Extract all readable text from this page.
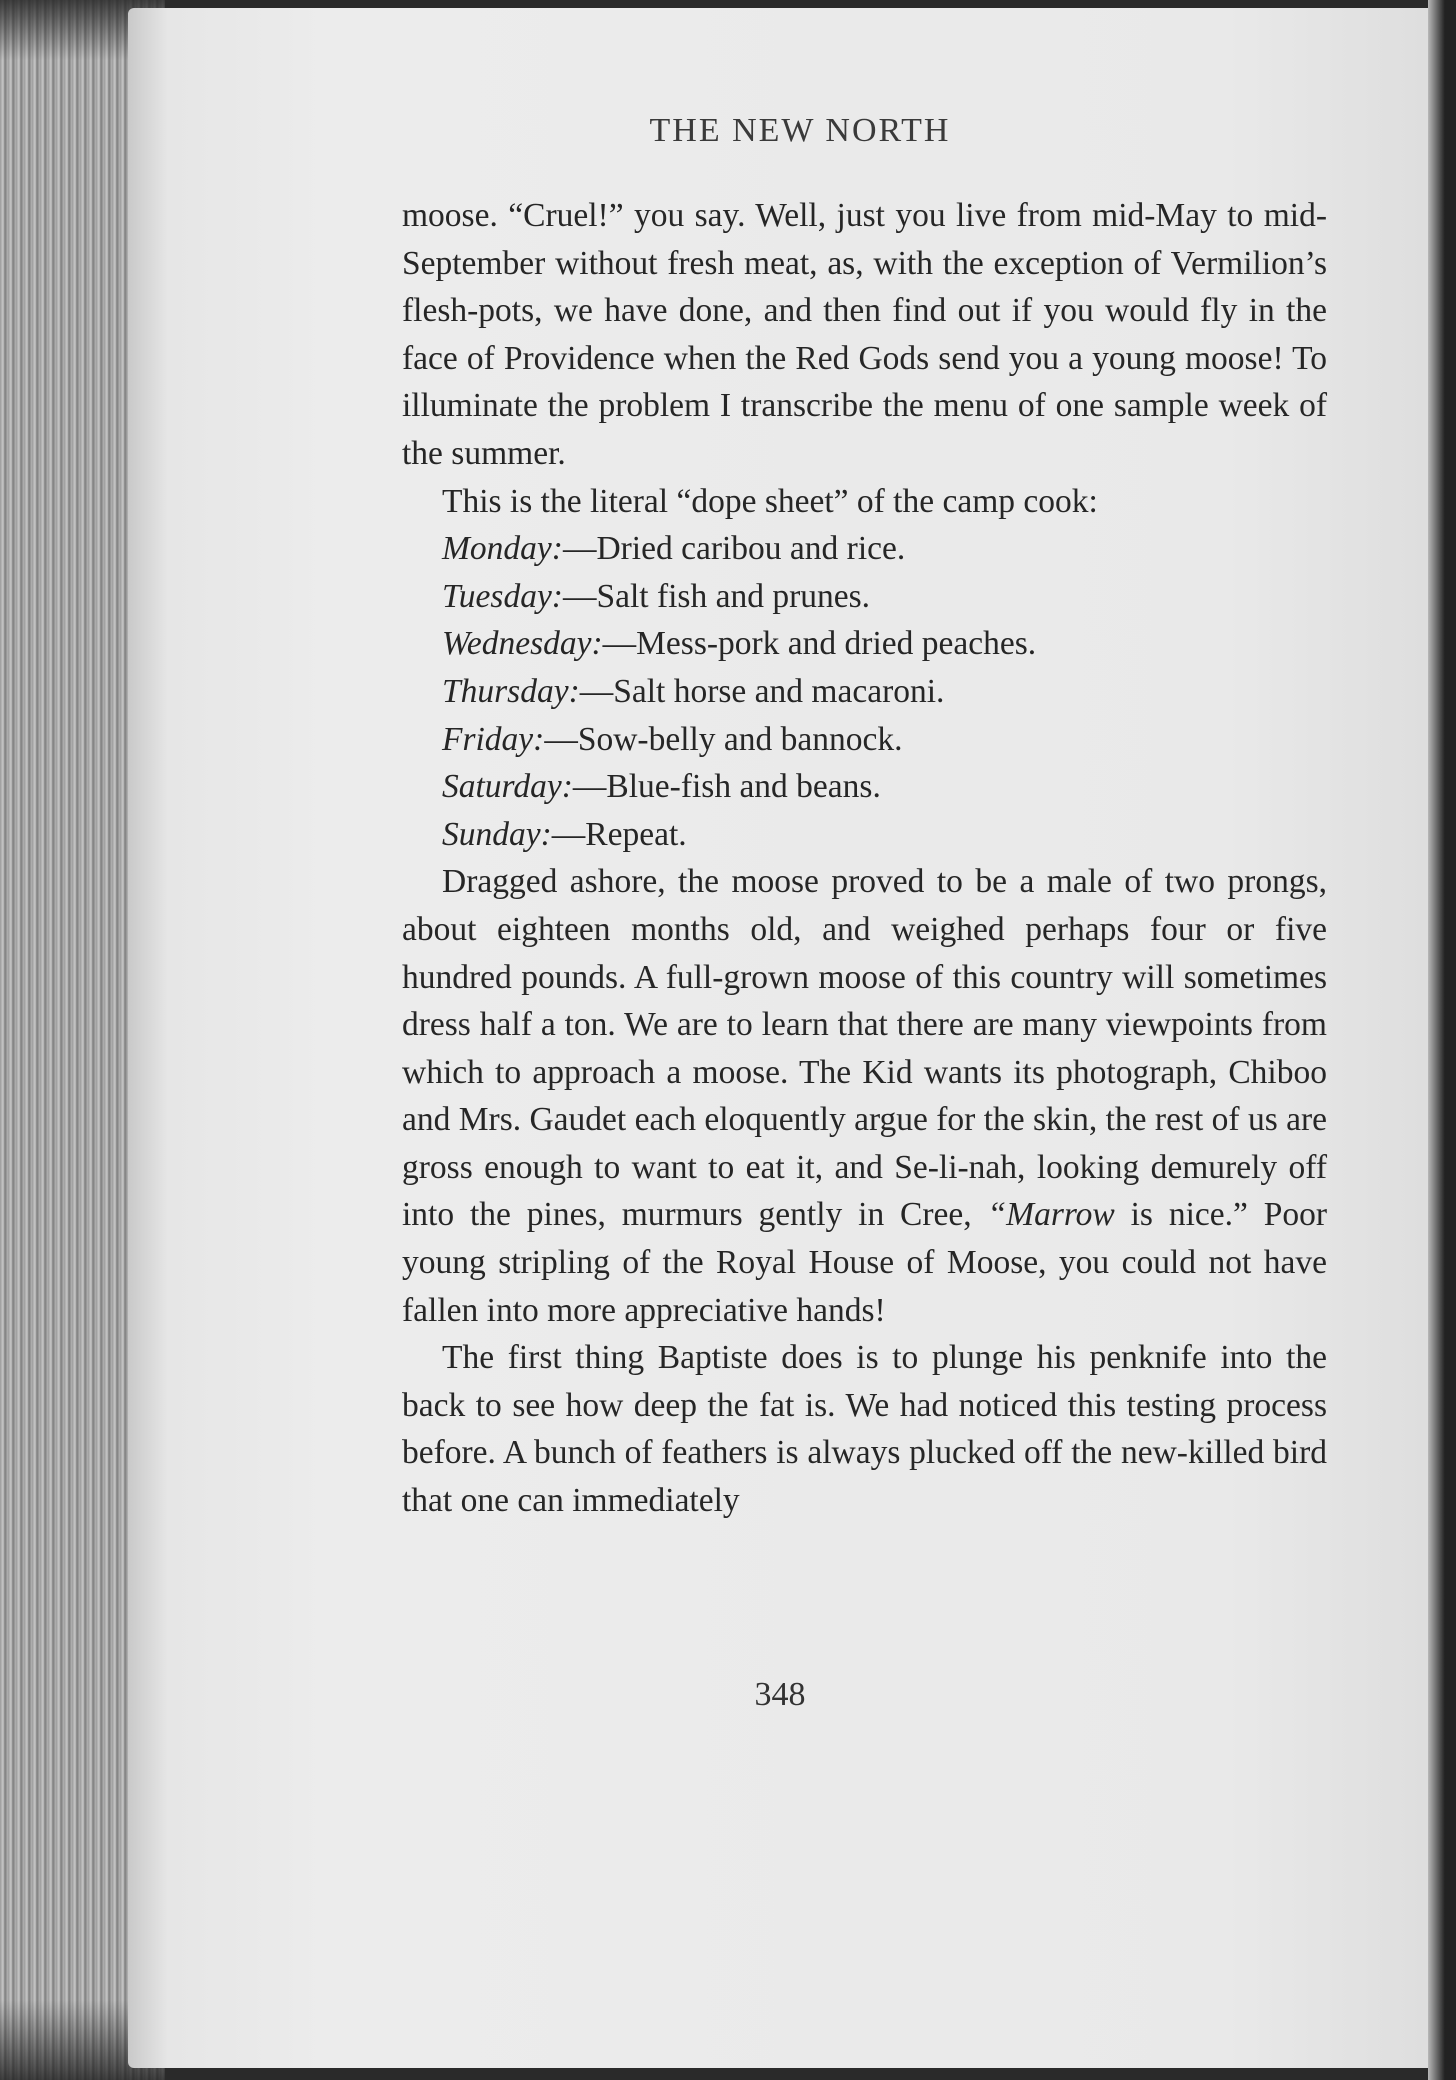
THE NEW NORTH

moose. “Cruel!” you say. Well, just you live from mid-May to mid-September without fresh meat, as, with the exception of Vermilion’s flesh-pots, we have done, and then find out if you would fly in the face of Providence when the Red Gods send you a young moose! To illuminate the problem I transcribe the menu of one sample week of the summer.

This is the literal “dope sheet” of the camp cook:

Monday:—Dried caribou and rice.

Tuesday:—Salt fish and prunes.

Wednesday:—Mess-pork and dried peaches.

Thursday:—Salt horse and macaroni.

Friday:—Sow-belly and bannock.

Saturday:—Blue-fish and beans.

Sunday:—Repeat.

Dragged ashore, the moose proved to be a male of two prongs, about eighteen months old, and weighed perhaps four or five hundred pounds. A full-grown moose of this country will sometimes dress half a ton. We are to learn that there are many viewpoints from which to approach a moose. The Kid wants its photograph, Chiboo and Mrs. Gaudet each eloquently argue for the skin, the rest of us are gross enough to want to eat it, and Se-li-nah, looking demurely off into the pines, murmurs gently in Cree, “Marrow is nice.” Poor young stripling of the Royal House of Moose, you could not have fallen into more appreciative hands!

The first thing Baptiste does is to plunge his penknife into the back to see how deep the fat is. We had noticed this testing process before. A bunch of feathers is always plucked off the new-killed bird that one can immediately

348
